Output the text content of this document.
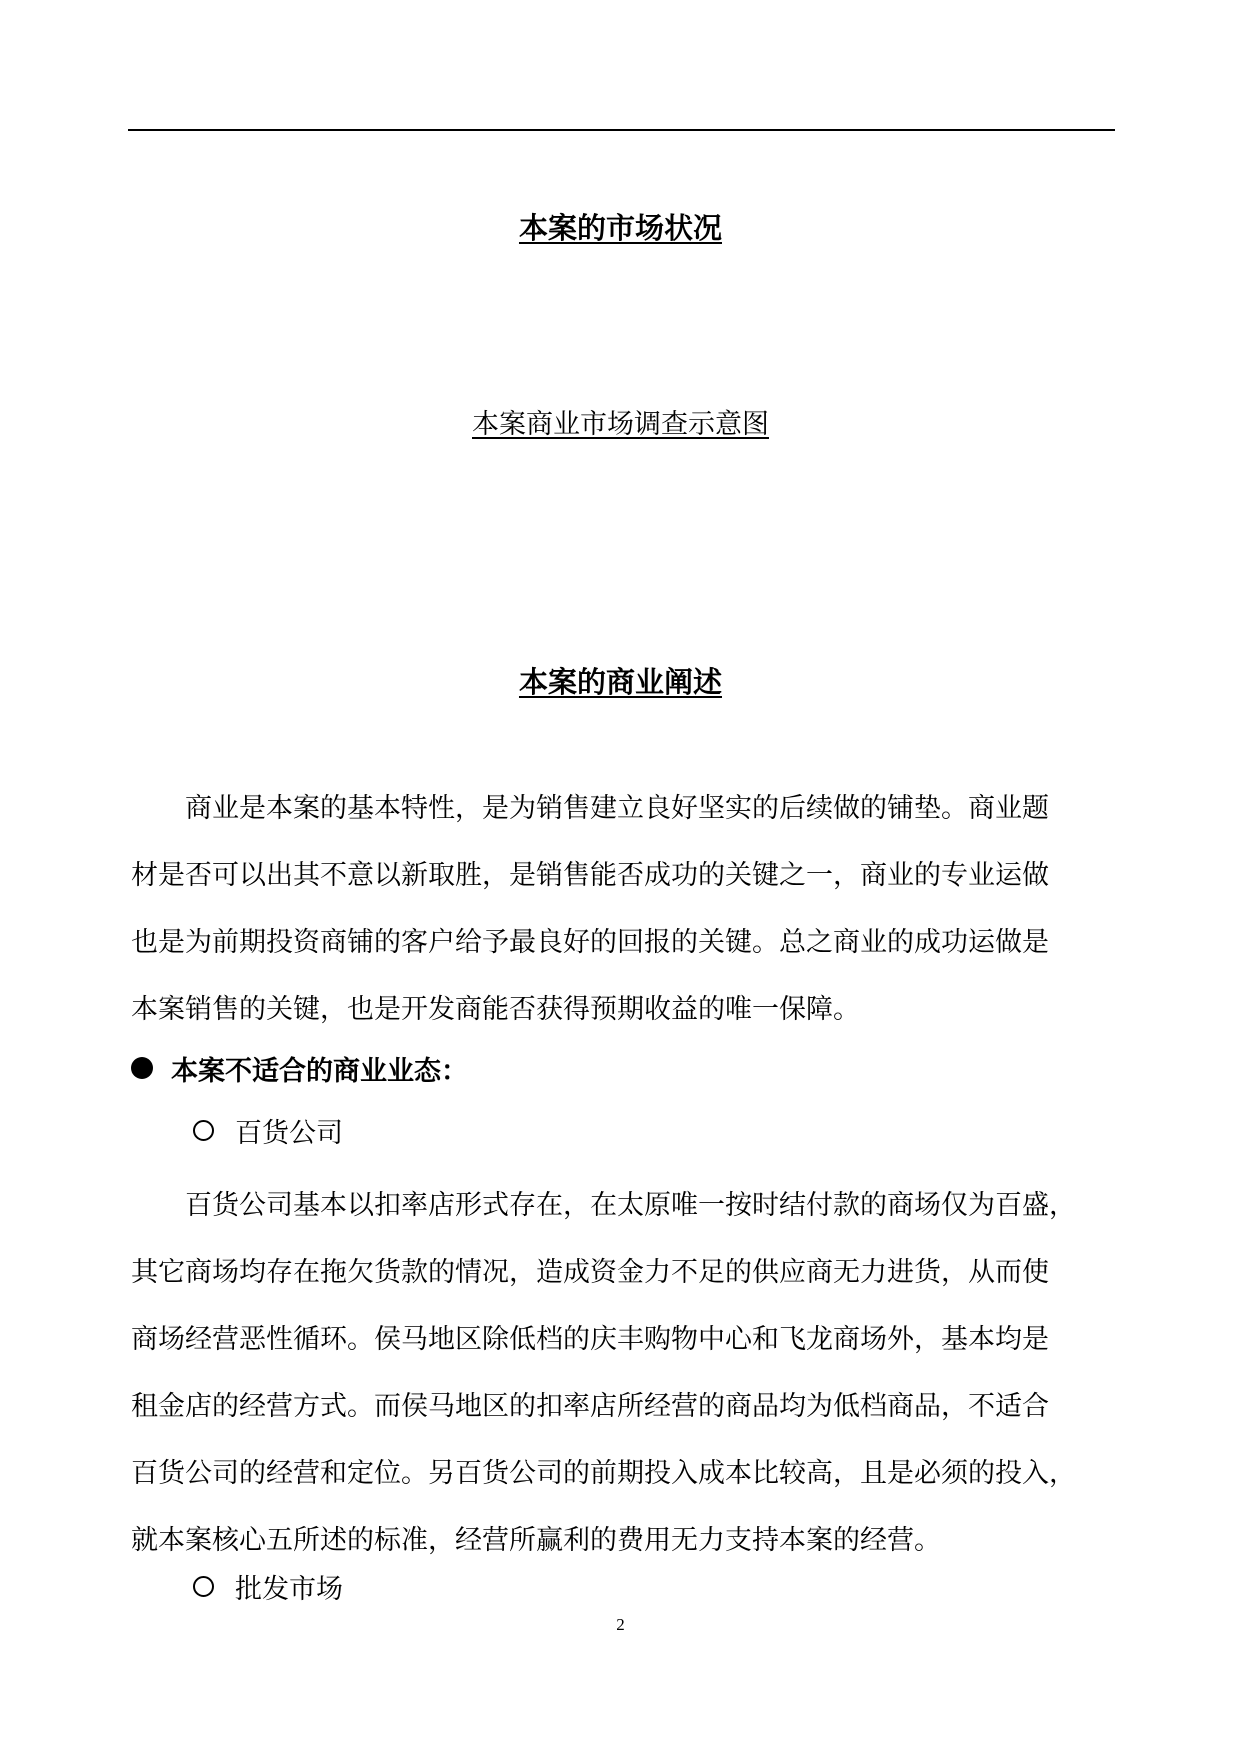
本案的市场状况
本案商业市场调查示意图
本案的商业阐述
　　商业是本案的基本特性，是为销售建立良好坚实的后续做的铺垫。商业题
材是否可以出其不意以新取胜，是销售能否成功的关键之一，商业的专业运做
也是为前期投资商铺的客户给予最良好的回报的关键。总之商业的成功运做是
本案销售的关键，也是开发商能否获得预期收益的唯一保障。
本案不适合的商业业态：
百货公司
　　百货公司基本以扣率店形式存在，在太原唯一按时结付款的商场仅为百盛，
其它商场均存在拖欠货款的情况，造成资金力不足的供应商无力进货，从而使
商场经营恶性循环。侯马地区除低档的庆丰购物中心和飞龙商场外，基本均是
租金店的经营方式。而侯马地区的扣率店所经营的商品均为低档商品，不适合
百货公司的经营和定位。另百货公司的前期投入成本比较高，且是必须的投入，
就本案核心五所述的标准，经营所赢利的费用无力支持本案的经营。
批发市场
2
